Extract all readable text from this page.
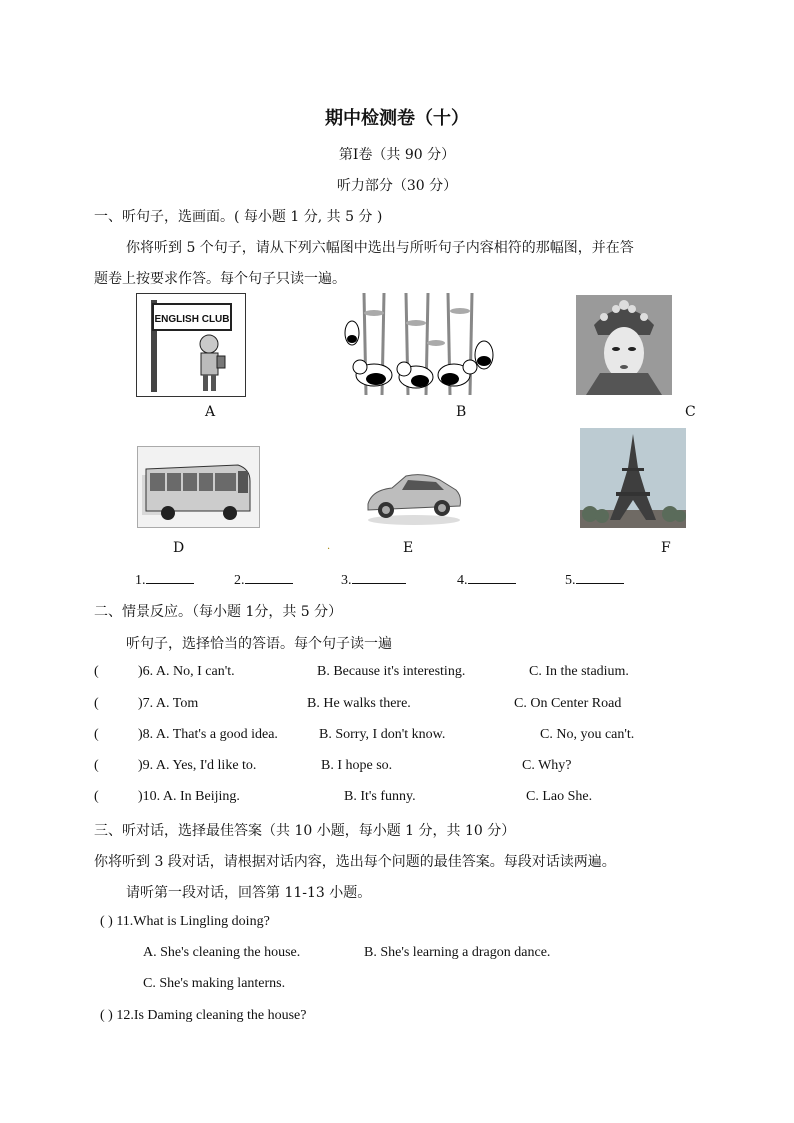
期中检测卷（十）
第Ⅰ卷（共 90 分）
听力部分（30 分）
一、听句子，选画面。( 每小题 1 分, 共 5 分 )
你将听到 5 个句子，请从下列六幅图中选出与所听句子内容相符的那幅图，并在答
题卷上按要求作答。每个句子只读一遍。
ENGLISH CLUB
A	B	C
D	.	E	F
1.	2.	3.	4.	5.
二、情景反应。（每小题 1分，共 5 分）
听句子，选择恰当的答语。每个句子读一遍
(	)6. A. No, I can't.	B. Because it's interesting.	C. In the stadium.
(	)7. A. Tom	B. He walks there.	C. On Center Road
(	)8. A. That's a good idea.	B. Sorry, I don't know.	C. No, you can't.
(	)9. A. Yes, I'd like to.	B. I hope so.	C. Why?
(	)10. A. In Beijing.	B. It's funny.	C. Lao She.
三、听对话，选择最佳答案（共 10 小题，每小题 1 分，共 10 分）
你将听到 3 段对话，请根据对话内容，选出每个问题的最佳答案。每段对话读两遍。
请听第一段对话，回答第 11-13 小题。
( ) 11.What is Lingling doing?
A. She's cleaning the house.	B. She's learning a dragon dance.
C. She's making lanterns.
( ) 12.Is Daming cleaning the house?
